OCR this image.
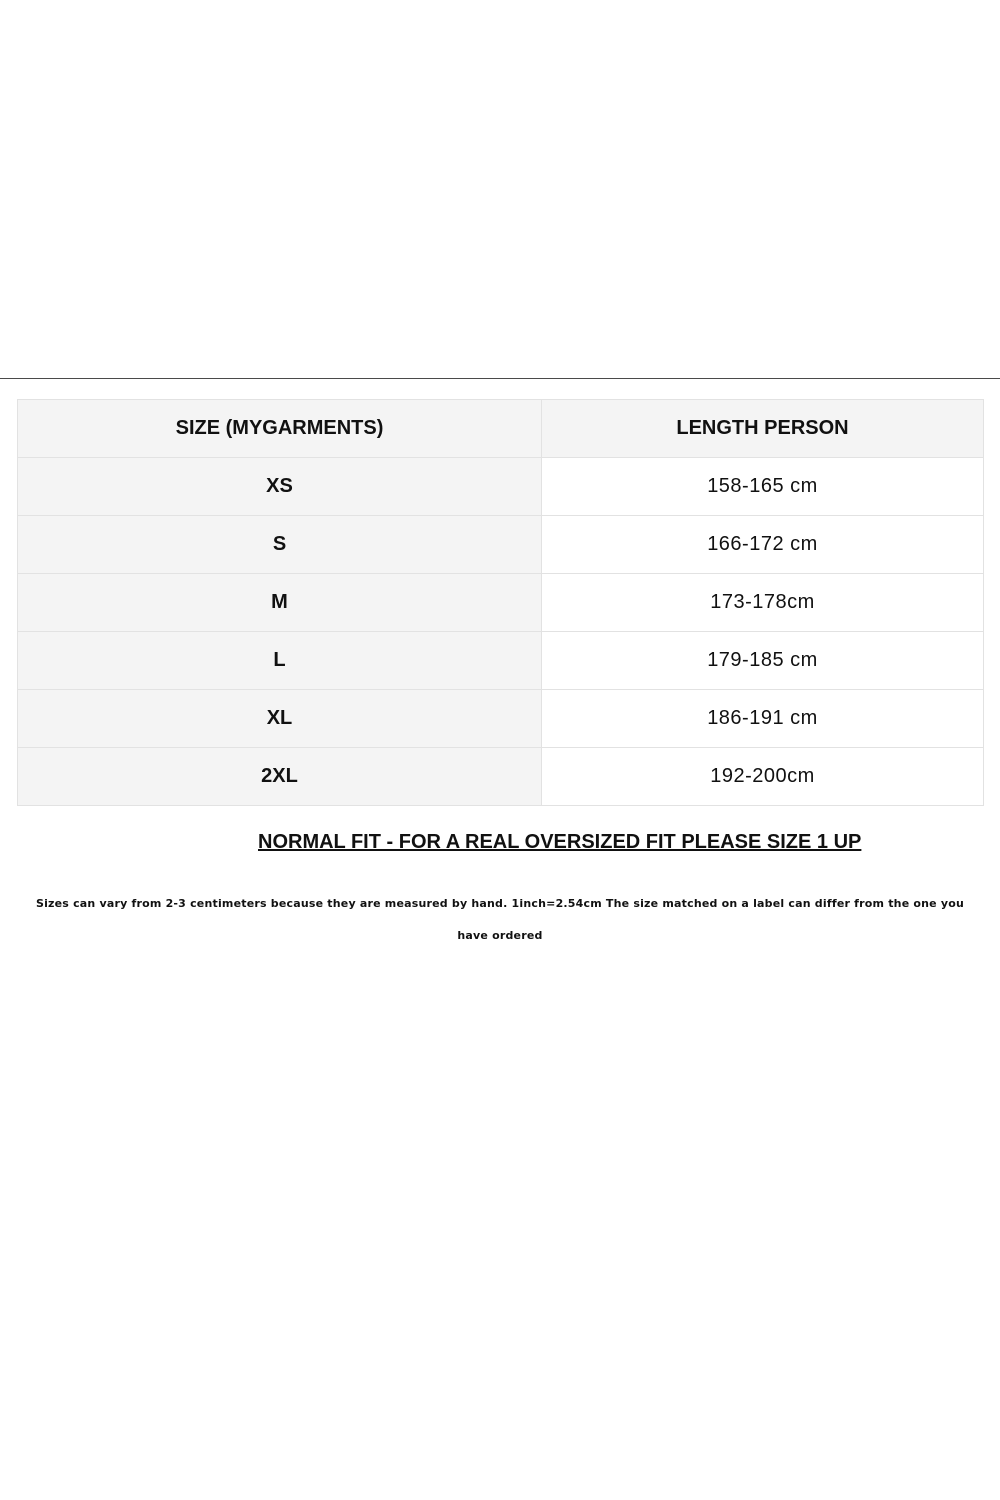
SIZE (MYGARMENTS)	LENGTH PERSON
XS	158-165 cm
S	166-172 cm
M	173-178cm
L	179-185 cm
XL	186-191 cm
2XL	192-200cm
NORMAL FIT - FOR A REAL OVERSIZED FIT PLEASE SIZE 1 UP
Sizes can vary from 2-3 centimeters because they are measured by hand. 1inch=2.54cm The size matched on a label can differ from the one you have ordered
